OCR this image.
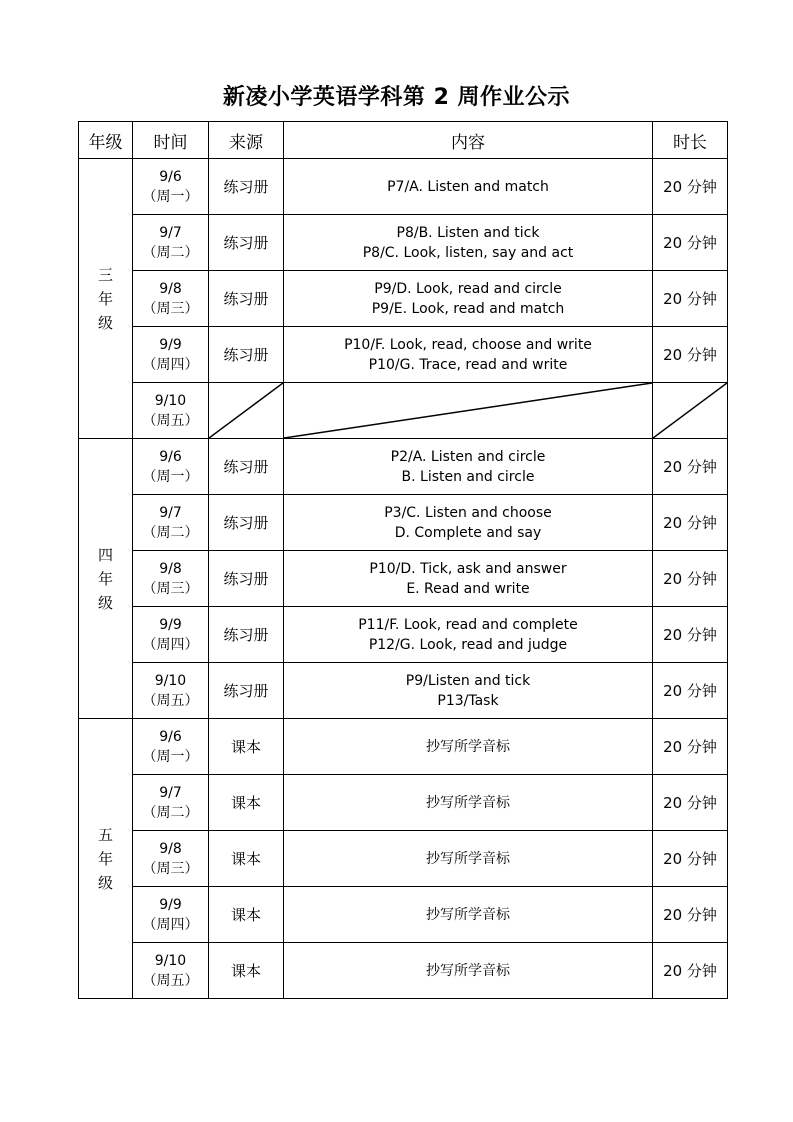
新凌小学英语学科第 2 周作业公示
年级	时间	来源	内容	时长

三
年
级	9/6
（周一）	练习册	P7/A. Listen and match	20 分钟

	9/7
（周二）	练习册	P8/B. Listen and tick
P8/C. Look, listen, say and act	20 分钟

	9/8
（周三）	练习册	P9/D. Look, read and circle
P9/E. Look, read and match	20 分钟

	9/9
（周四）	练习册	P10/F. Look, read, choose and write
P10/G. Trace, read and write	20 分钟

	9/10
（周五）

四
年
级	9/6
（周一）	练习册	P2/A. Listen and circle
B. Listen and circle	20 分钟

	9/7
（周二）	练习册	P3/C. Listen and choose
D. Complete and say	20 分钟

	9/8
（周三）	练习册	P10/D. Tick, ask and answer
E. Read and write	20 分钟

	9/9
（周四）	练习册	P11/F. Look, read and complete
P12/G. Look, read and judge	20 分钟

	9/10
（周五）	练习册	P9/Listen and tick
P13/Task	20 分钟

五
年
级	9/6
（周一）	课本	抄写所学音标	20 分钟

	9/7
（周二）	课本	抄写所学音标	20 分钟

	9/8
（周三）	课本	抄写所学音标	20 分钟

	9/9
（周四）	课本	抄写所学音标	20 分钟

	9/10
（周五）	课本	抄写所学音标	20 分钟
